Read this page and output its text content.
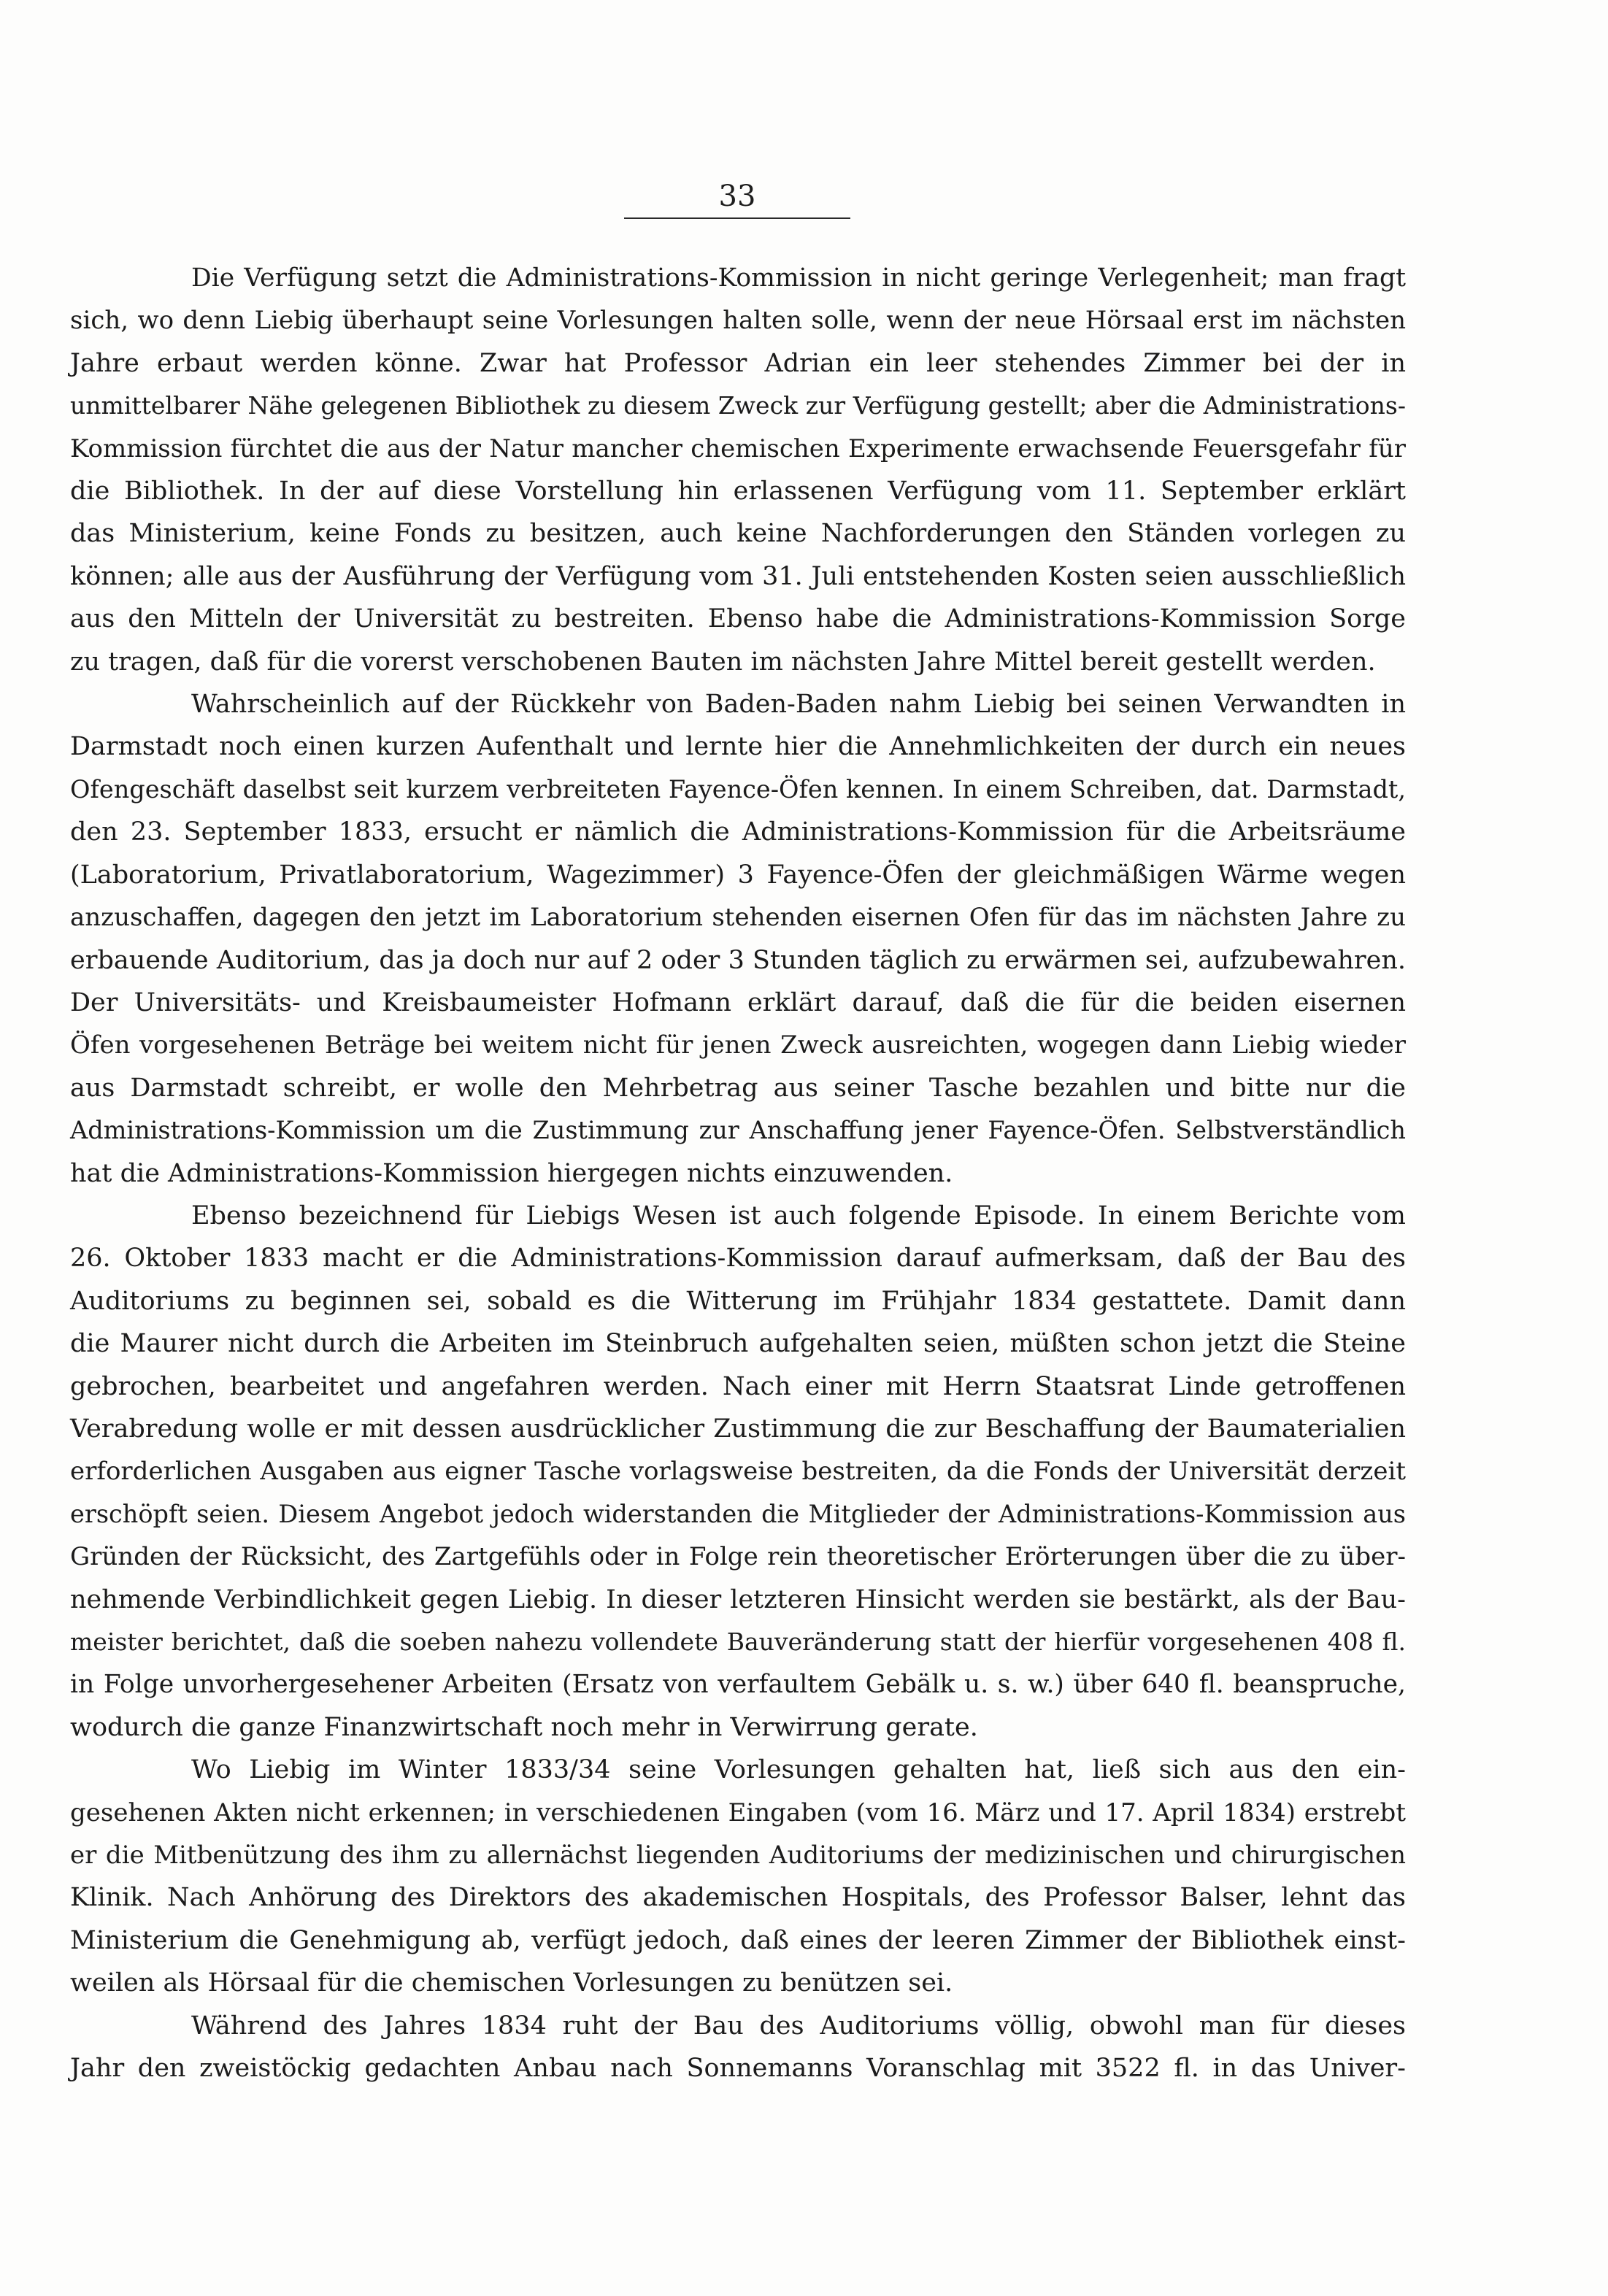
33
Die Verfügung setzt die Administrations-Kommission in nicht geringe Verlegenheit; man fragt
sich, wo denn Liebig überhaupt seine Vorlesungen halten solle, wenn der neue Hörsaal erst im nächsten
Jahre erbaut werden könne. Zwar hat Professor Adrian ein leer stehendes Zimmer bei der in
unmittelbarer Nähe gelegenen Bibliothek zu diesem Zweck zur Verfügung gestellt; aber die Administrations-
Kommission fürchtet die aus der Natur mancher chemischen Experimente erwachsende Feuersgefahr für
die Bibliothek. In der auf diese Vorstellung hin erlassenen Verfügung vom 11. September erklärt
das Ministerium, keine Fonds zu besitzen, auch keine Nachforderungen den Ständen vorlegen zu
können; alle aus der Ausführung der Verfügung vom 31. Juli entstehenden Kosten seien ausschließlich
aus den Mitteln der Universität zu bestreiten. Ebenso habe die Administrations-Kommission Sorge
zu tragen, daß für die vorerst verschobenen Bauten im nächsten Jahre Mittel bereit gestellt werden.
Wahrscheinlich auf der Rückkehr von Baden-Baden nahm Liebig bei seinen Verwandten in
Darmstadt noch einen kurzen Aufenthalt und lernte hier die Annehmlichkeiten der durch ein neues
Ofengeschäft daselbst seit kurzem verbreiteten Fayence-Öfen kennen. In einem Schreiben, dat. Darmstadt,
den 23. September 1833, ersucht er nämlich die Administrations-Kommission für die Arbeitsräume
(Laboratorium, Privatlaboratorium, Wagezimmer) 3 Fayence-Öfen der gleichmäßigen Wärme wegen
anzuschaffen, dagegen den jetzt im Laboratorium stehenden eisernen Ofen für das im nächsten Jahre zu
erbauende Auditorium, das ja doch nur auf 2 oder 3 Stunden täglich zu erwärmen sei, aufzubewahren.
Der Universitäts- und Kreisbaumeister Hofmann erklärt darauf, daß die für die beiden eisernen
Öfen vorgesehenen Beträge bei weitem nicht für jenen Zweck ausreichten, wogegen dann Liebig wieder
aus Darmstadt schreibt, er wolle den Mehrbetrag aus seiner Tasche bezahlen und bitte nur die
Administrations-Kommission um die Zustimmung zur Anschaffung jener Fayence-Öfen. Selbstverständlich
hat die Administrations-Kommission hiergegen nichts einzuwenden.
Ebenso bezeichnend für Liebigs Wesen ist auch folgende Episode. In einem Berichte vom
26. Oktober 1833 macht er die Administrations-Kommission darauf aufmerksam, daß der Bau des
Auditoriums zu beginnen sei, sobald es die Witterung im Frühjahr 1834 gestattete. Damit dann
die Maurer nicht durch die Arbeiten im Steinbruch aufgehalten seien, müßten schon jetzt die Steine
gebrochen, bearbeitet und angefahren werden. Nach einer mit Herrn Staatsrat Linde getroffenen
Verabredung wolle er mit dessen ausdrücklicher Zustimmung die zur Beschaffung der Baumaterialien
erforderlichen Ausgaben aus eigner Tasche vorlagsweise bestreiten, da die Fonds der Universität derzeit
erschöpft seien. Diesem Angebot jedoch widerstanden die Mitglieder der Administrations-Kommission aus
Gründen der Rücksicht, des Zartgefühls oder in Folge rein theoretischer Erörterungen über die zu über-
nehmende Verbindlichkeit gegen Liebig. In dieser letzteren Hinsicht werden sie bestärkt, als der Bau-
meister berichtet, daß die soeben nahezu vollendete Bauveränderung statt der hierfür vorgesehenen 408 fl.
in Folge unvorhergesehener Arbeiten (Ersatz von verfaultem Gebälk u. s. w.) über 640 fl. beanspruche,
wodurch die ganze Finanzwirtschaft noch mehr in Verwirrung gerate.
Wo Liebig im Winter 1833/34 seine Vorlesungen gehalten hat, ließ sich aus den ein-
gesehenen Akten nicht erkennen; in verschiedenen Eingaben (vom 16. März und 17. April 1834) erstrebt
er die Mitbenützung des ihm zu allernächst liegenden Auditoriums der medizinischen und chirurgischen
Klinik. Nach Anhörung des Direktors des akademischen Hospitals, des Professor Balser, lehnt das
Ministerium die Genehmigung ab, verfügt jedoch, daß eines der leeren Zimmer der Bibliothek einst-
weilen als Hörsaal für die chemischen Vorlesungen zu benützen sei.
Während des Jahres 1834 ruht der Bau des Auditoriums völlig, obwohl man für dieses
Jahr den zweistöckig gedachten Anbau nach Sonnemanns Voranschlag mit 3522 fl. in das Univer-
